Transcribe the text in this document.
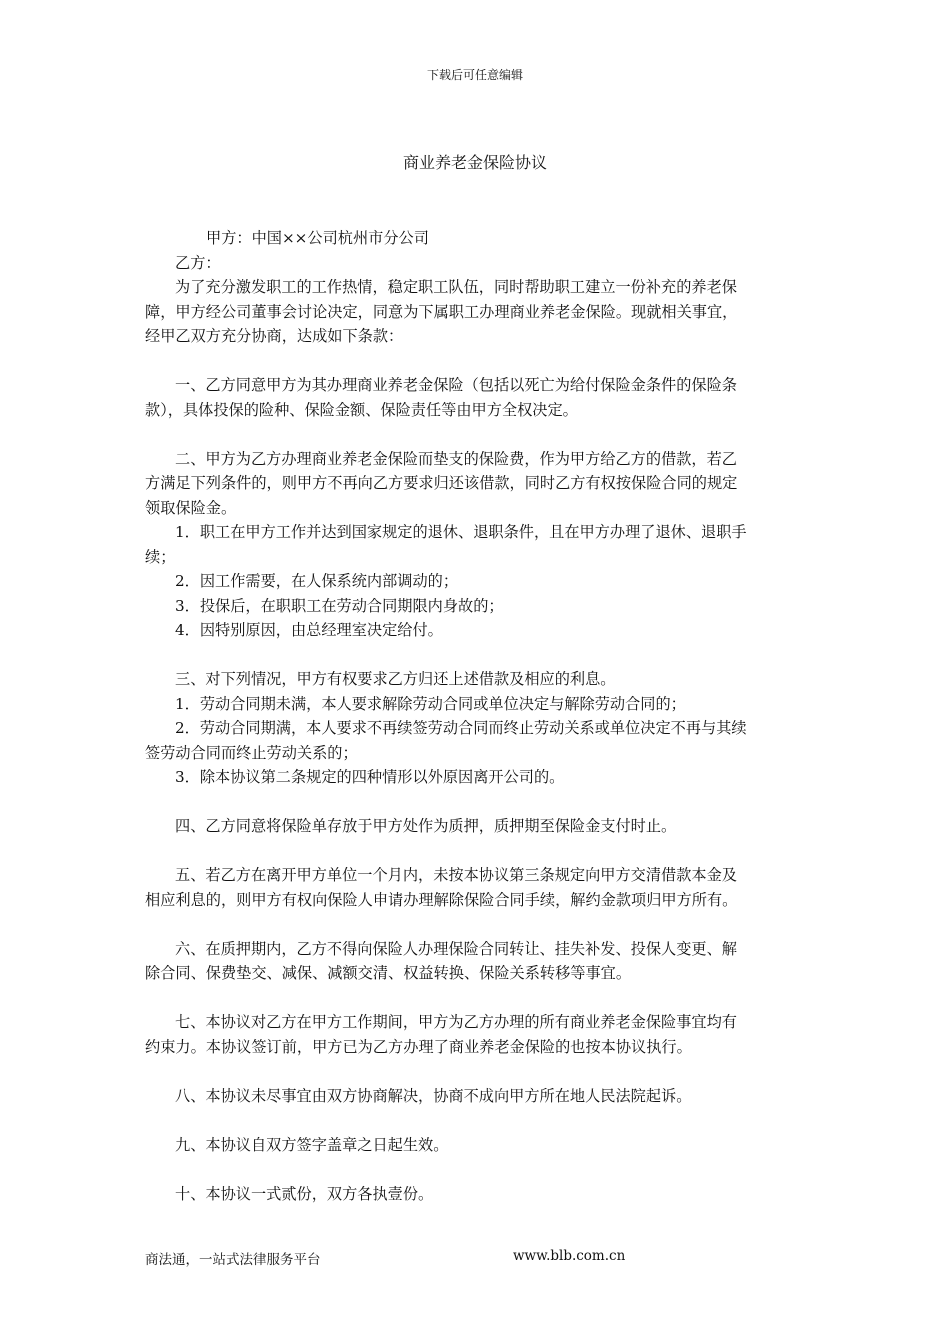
下载后可任意编辑
商业养老金保险协议
甲方：中国××公司杭州市分公司
乙方：
为了充分激发职工的工作热情，稳定职工队伍，同时帮助职工建立一份补充的养老保
障，甲方经公司董事会讨论决定，同意为下属职工办理商业养老金保险。现就相关事宜，
经甲乙双方充分协商，达成如下条款：
一、乙方同意甲方为其办理商业养老金保险（包括以死亡为给付保险金条件的保险条
款），具体投保的险种、保险金额、保险责任等由甲方全权决定。
二、甲方为乙方办理商业养老金保险而垫支的保险费，作为甲方给乙方的借款，若乙
方满足下列条件的，则甲方不再向乙方要求归还该借款，同时乙方有权按保险合同的规定
领取保险金。
1．职工在甲方工作并达到国家规定的退休、退职条件，且在甲方办理了退休、退职手
续；
2．因工作需要，在人保系统内部调动的；
3．投保后，在职职工在劳动合同期限内身故的；
4．因特别原因，由总经理室决定给付。
三、对下列情况，甲方有权要求乙方归还上述借款及相应的利息。
1．劳动合同期未满，本人要求解除劳动合同或单位决定与解除劳动合同的；
2．劳动合同期满，本人要求不再续签劳动合同而终止劳动关系或单位决定不再与其续
签劳动合同而终止劳动关系的；
3．除本协议第二条规定的四种情形以外原因离开公司的。
四、乙方同意将保险单存放于甲方处作为质押，质押期至保险金支付时止。
五、若乙方在离开甲方单位一个月内，未按本协议第三条规定向甲方交清借款本金及
相应利息的，则甲方有权向保险人申请办理解除保险合同手续，解约金款项归甲方所有。
六、在质押期内，乙方不得向保险人办理保险合同转让、挂失补发、投保人变更、解
除合同、保费垫交、减保、减额交清、权益转换、保险关系转移等事宜。
七、本协议对乙方在甲方工作期间，甲方为乙方办理的所有商业养老金保险事宜均有
约束力。本协议签订前，甲方已为乙方办理了商业养老金保险的也按本协议执行。
八、本协议未尽事宜由双方协商解决，协商不成向甲方所在地人民法院起诉。
九、本协议自双方签字盖章之日起生效。
十、本协议一式贰份，双方各执壹份。
商法通，一站式法律服务平台	www.blb.com.cn
